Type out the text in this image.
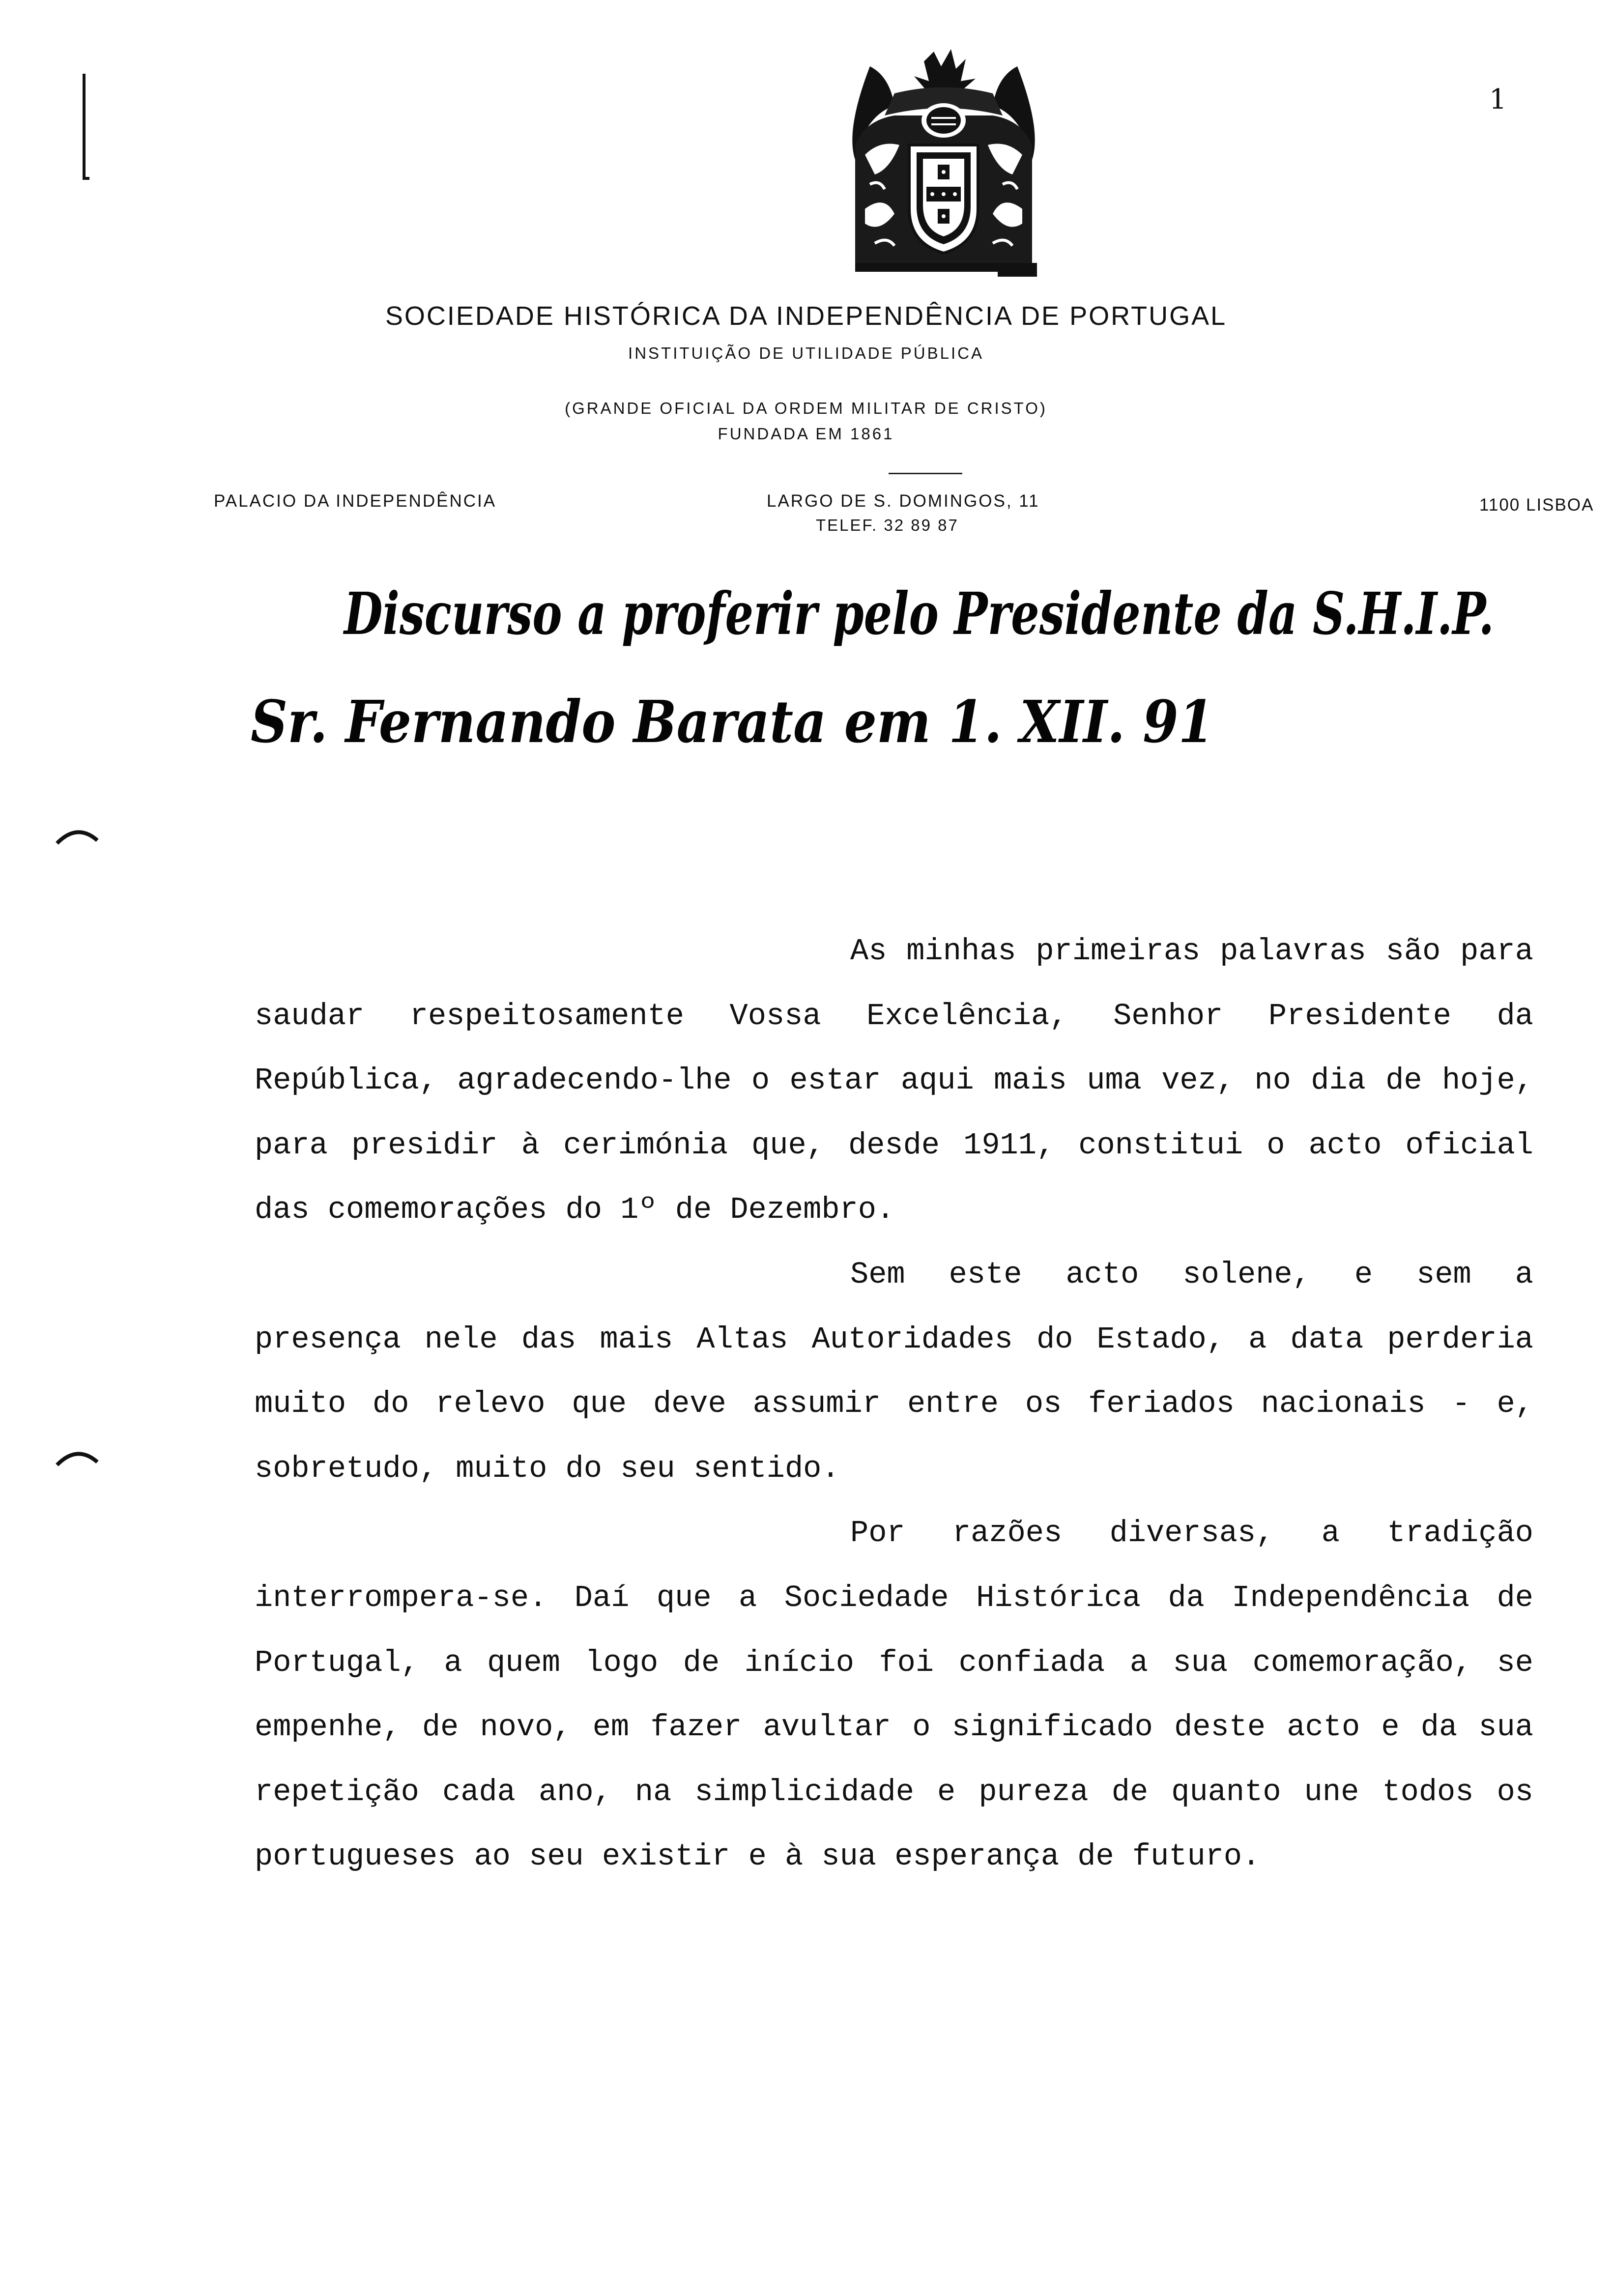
1
SOCIEDADE HISTÓRICA DA INDEPENDÊNCIA DE PORTUGAL
INSTITUIÇÃO DE UTILIDADE PÚBLICA
(GRANDE OFICIAL DA ORDEM MILITAR DE CRISTO)
FUNDADA EM 1861
PALACIO DA INDEPENDÊNCIA	LARGO DE S. DOMINGOS, 11
TELEF. 32 89 87
1100 LISBOA
Discurso a proferir pelo Presidente da S.H.I.P.
Sr. Fernando Barata em 1. XII. 91

As minhas primeiras palavras são para saudar respeitosamente Vossa Excelência, Senhor Presidente da República, agradecendo-lhe o estar aqui mais uma vez, no dia de hoje, para presidir à cerimónia que, desde 1911, constitui o acto oficial das comemorações do 1º de Dezembro.

Sem este acto solene, e sem a presença nele das mais Altas Autoridades do Estado, a data perderia muito do relevo que deve assumir entre os feriados nacionais - e, sobretudo, muito do seu sentido.

Por razões diversas, a tradição interrompera-se. Daí que a Sociedade Histórica da Independência de Portugal, a quem logo de início foi confiada a sua comemoração, se empenhe, de novo, em fazer avultar o significado deste acto e da sua repetição cada ano, na simplicidade e pureza de quanto une todos os portugueses ao seu existir e à sua esperança de futuro.
